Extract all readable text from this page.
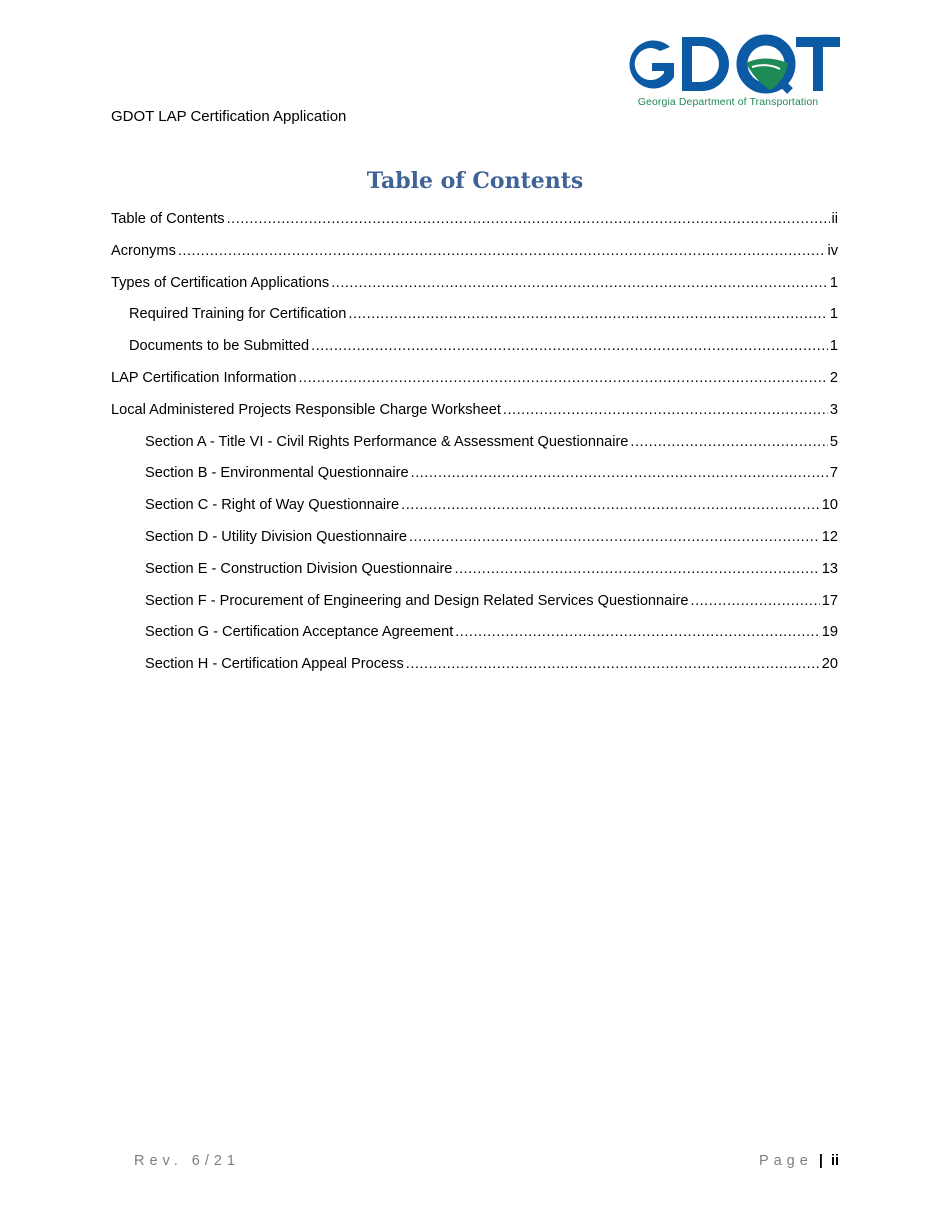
Georgia Department of Transportation
GDOT LAP Certification Application
Table of Contents
Table of Contents .....	ii
Acronyms .....	iv
Types of Certification Applications .....	1
Required Training for Certification .....	1
Documents to be Submitted .....	1
LAP Certification Information .....	2
Local Administered Projects Responsible Charge Worksheet .....	3
Section A - Title VI - Civil Rights Performance & Assessment Questionnaire .....	5
Section B - Environmental Questionnaire .....	7
Section C - Right of Way Questionnaire .....	10
Section D - Utility Division Questionnaire .....	12
Section E - Construction Division Questionnaire .....	13
Section F - Procurement of Engineering and Design Related Services Questionnaire .....	17
Section G - Certification Acceptance Agreement .....	19
Section H - Certification Appeal Process .....	20
Rev. 6/21	Page | ii
